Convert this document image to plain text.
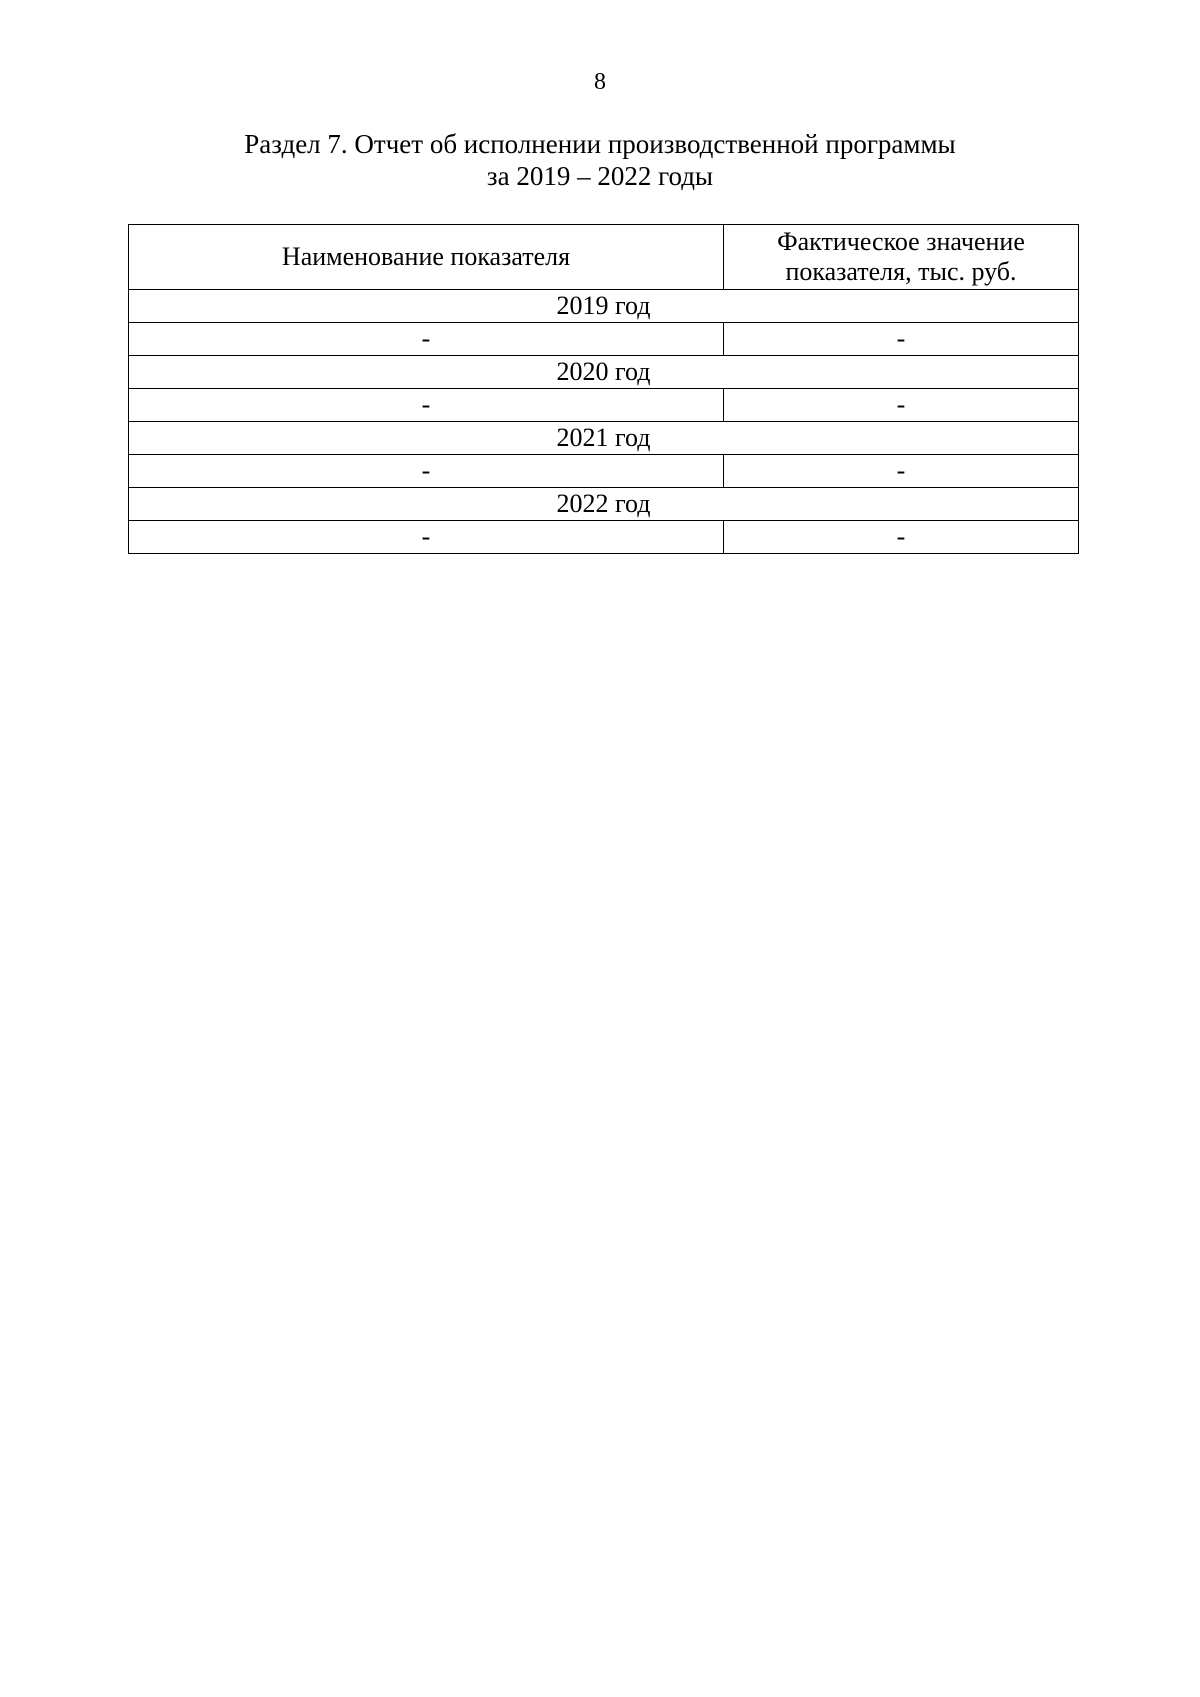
8
Раздел 7. Отчет об исполнении производственной программы
за 2019 – 2022 годы
Наименование показателя	Фактическое значение
показателя, тыс. руб.

2019 год	
-	-
2020 год	
-	-
2021 год	
-	-
2022 год	
-	-
